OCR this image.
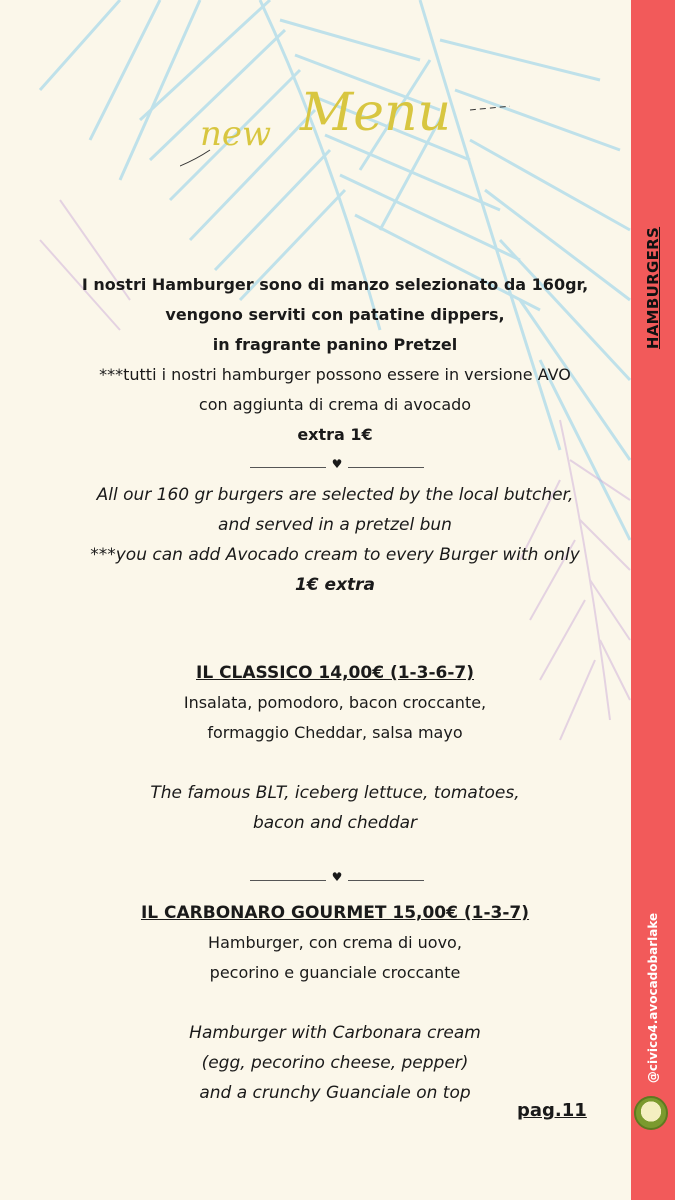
new Menu
I nostri Hamburger sono di manzo selezionato da 160gr,
vengono serviti con patatine dippers,
in fragrante panino Pretzel
***tutti i nostri hamburger possono essere in versione AVO
con aggiunta di crema di avocado
extra 1€
♥
All our 160 gr burgers are selected by the local butcher,
and served in a pretzel bun
***you can add Avocado cream to every Burger with only
1€ extra
IL CLASSICO 14,00€ (1-3-6-7)
Insalata, pomodoro, bacon croccante,
formaggio Cheddar, salsa mayo
The famous BLT, iceberg lettuce, tomatoes,
bacon and cheddar
♥
IL CARBONARO GOURMET 15,00€ (1-3-7)
Hamburger, con crema di uovo,
pecorino e guanciale croccante
Hamburger with Carbonara cream
(egg, pecorino cheese, pepper)
and a crunchy Guanciale on top
pag.11
HAMBURGERS
@civico4.avocadobarlake
